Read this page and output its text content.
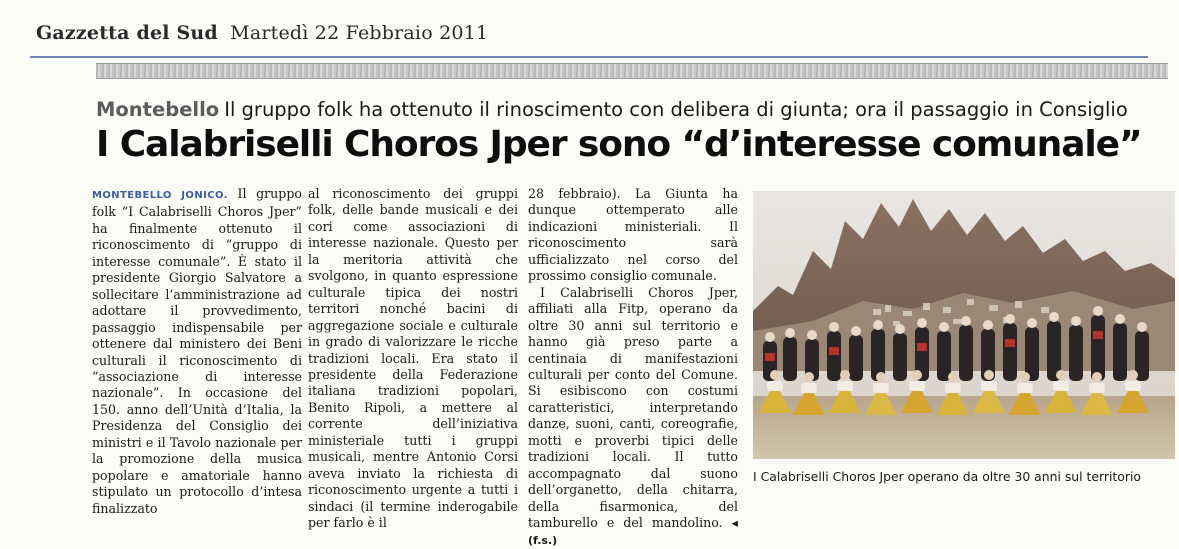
Gazzetta del Sud Martedì 22 Febbraio 2011
Montebello Il gruppo folk ha ottenuto il rinoscimento con delibera di giunta; ora il passaggio in Consiglio
I Calabriselli Choros Jper sono “d’interesse comunale”

MONTEBELLO JONICO. Il gruppo folk “I Calabriselli Choros Jper” ha finalmente ottenuto il riconoscimento di “gruppo di interesse comunale”. È stato il presidente Giorgio Salvatore a sollecitare l’amministrazione ad adottare il provvedimento, passaggio indispensabile per ottenere dal ministero dei Beni culturali il riconoscimento di “associazione di interesse nazionale”. In occasione del 150. anno dell’Unità d’Italia, la Presidenza del Consiglio dei ministri e il Tavolo nazionale per la promozione della musica popolare e amatoriale hanno stipulato un protocollo d’intesa finalizzato

al riconoscimento dei gruppi folk, delle bande musicali e dei cori come associazioni di interesse nazionale. Questo per la meritoria attività che svolgono, in quanto espressione culturale tipica dei nostri territori nonché bacini di aggregazione sociale e culturale in grado di valorizzare le ricche tradizioni locali. Era stato il presidente della Federazione italiana tradizioni popolari, Benito Ripoli, a mettere al corrente dell’iniziativa ministeriale tutti i gruppi musicali, mentre Antonio Corsi aveva inviato la richiesta di riconoscimento urgente a tutti i sindaci (il termine inderogabile per farlo è il

28 febbraio). La Giunta ha dunque ottemperato alle indicazioni ministeriali. Il riconoscimento sarà ufficializzato nel corso del prossimo consiglio comunale.

I Calabriselli Choros Jper, affiliati alla Fitp, operano da oltre 30 anni sul territorio e hanno già preso parte a centinaia di manifestazioni culturali per conto del Comune. Si esibiscono con costumi caratteristici, interpretando danze, suoni, canti, coreografie, motti e proverbi tipici delle tradizioni locali. Il tutto accompagnato dal suono dell’organetto, della chitarra, della fisarmonica, del tamburello e del mandolino. ◂ (f.s.)

I Calabriselli Choros Jper operano da oltre 30 anni sul territorio
